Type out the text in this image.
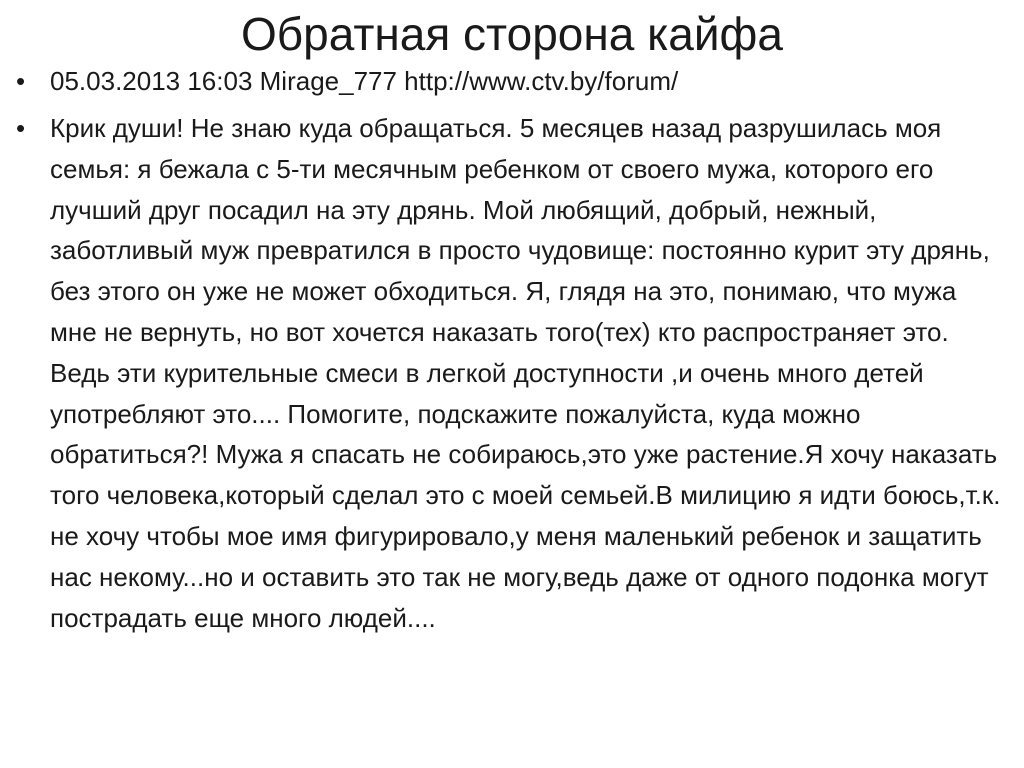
Обратная сторона кайфа
• 05.03.2013 16:03 Mirage_777 http://www.ctv.by/forum/
• Крик души! Не знаю куда обращаться. 5 месяцев назад разрушилась моя семья: я бежала с 5-ти месячным ребенком от своего мужа, которого его лучший друг посадил на эту дрянь. Мой любящий, добрый, нежный, заботливый муж превратился в просто чудовище: постоянно курит эту дрянь, без этого он уже не может обходиться. Я, глядя на это, понимаю, что мужа мне не вернуть, но вот хочется наказать того(тех) кто распространяет это. Ведь эти курительные смеси в легкой доступности ,и очень много детей употребляют это.... Помогите, подскажите пожалуйста, куда можно обратиться?! Мужа я спасать не собираюсь,это уже растение.Я хочу наказать того человека,который сделал это с моей семьей.В милицию я идти боюсь,т.к. не хочу чтобы мое имя фигурировало,у меня маленький ребенок и защатить нас некому...но и оставить это так не могу,ведь даже от одного подонка могут пострадать еще много людей....
